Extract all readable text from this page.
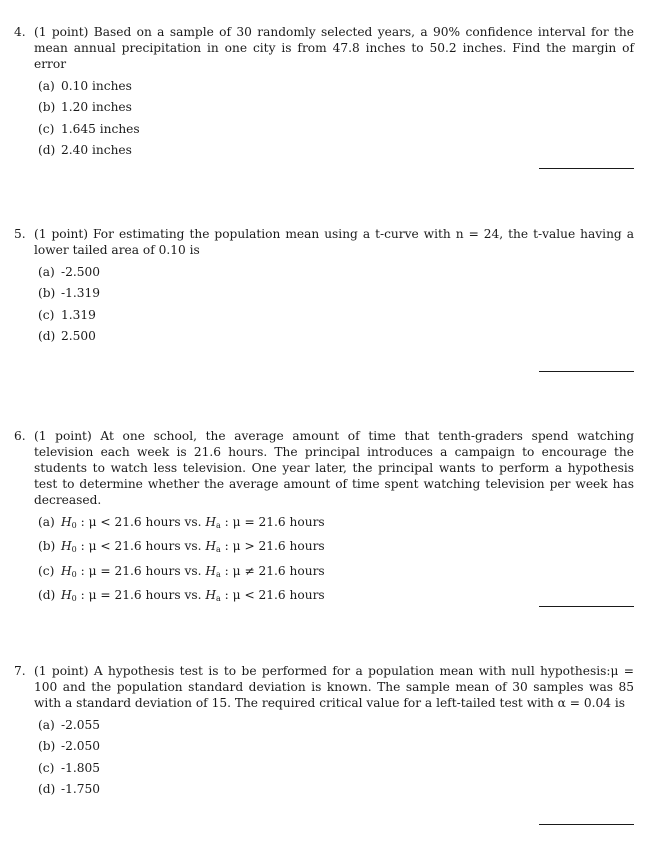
4. (1 point) Based on a sample of 30 randomly selected years, a 90% confidence interval for the mean annual precipitation in one city is from 47.8 inches to 50.2 inches. Find the margin of error

(a) 0.10 inches
(b) 1.20 inches
(c) 1.645 inches
(d) 2.40 inches

5. (1 point) For estimating the population mean using a t-curve with n = 24, the t-value having a lower tailed area of 0.10 is

(a) -2.500
(b) -1.319
(c) 1.319
(d) 2.500

6. (1 point) At one school, the average amount of time that tenth-graders spend watching television each week is 21.6 hours. The principal introduces a campaign to encourage the students to watch less television. One year later, the principal wants to perform a hypothesis test to determine whether the average amount of time spent watching television per week has decreased.

(a) $H_0$ : μ < 21.6 hours vs. $H_a$ : μ = 21.6 hours
(b) $H_0$ : μ < 21.6 hours vs. $H_a$ : μ > 21.6 hours
(c) $H_0$ : μ = 21.6 hours vs. $H_a$ : μ ≠ 21.6 hours
(d) $H_0$ : μ = 21.6 hours vs. $H_a$ : μ < 21.6 hours

7. (1 point) A hypothesis test is to be performed for a population mean with null hypothesis:μ = 100 and the population standard deviation is known. The sample mean of 30 samples was 85 with a standard deviation of 15. The required critical value for a left-tailed test with α = 0.04 is

(a) -2.055
(b) -2.050
(c) -1.805
(d) -1.750
